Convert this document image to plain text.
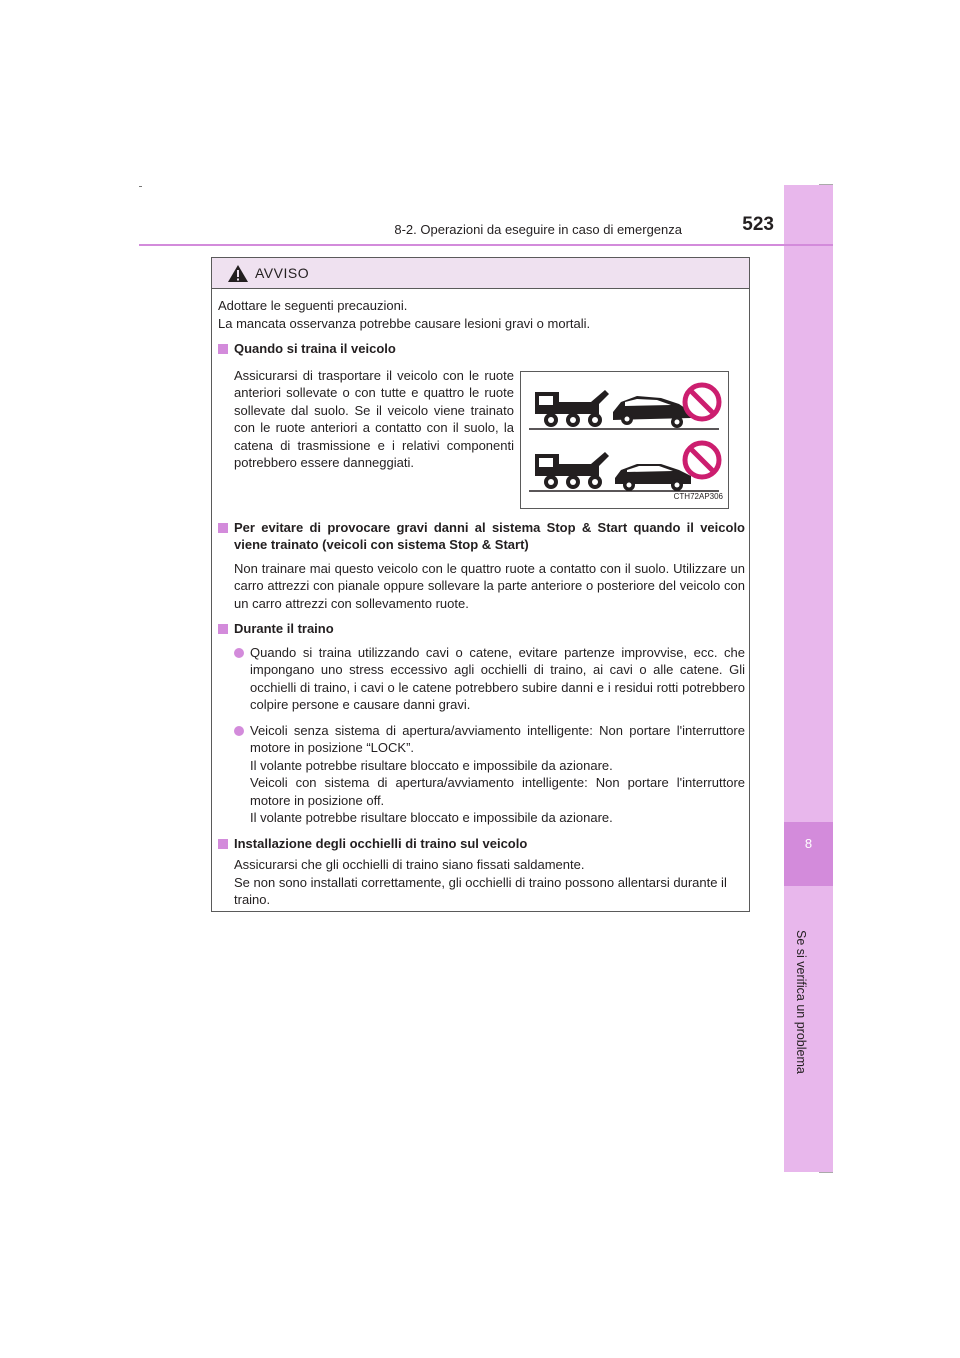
8
Se si verifica un problema
8-2. Operazioni da eseguire in caso di emergenza	523
AVVISO

Adottare le seguenti precauzioni.

La mancata osservanza potrebbe causare lesioni gravi o mortali.

Quando si traina il veicolo

Assicurarsi di trasportare il veicolo con le ruote anteriori sollevate o con tutte e quattro le ruote sollevate dal suolo. Se il veicolo viene trainato con le ruote anteriori a contatto con il suolo, la catena di trasmissione e i relativi componenti potrebbero essere danneggiati.

CTH72AP306

Per evitare di provocare gravi danni al sistema Stop & Start quando il veicolo viene trainato (veicoli con sistema Stop & Start)

Non trainare mai questo veicolo con le quattro ruote a contatto con il suolo. Utilizzare un carro attrezzi con pianale oppure sollevare la parte anteriore o posteriore del veicolo con un carro attrezzi con sollevamento ruote.

Durante il traino

Quando si traina utilizzando cavi o catene, evitare partenze improvvise, ecc. che impongano uno stress eccessivo agli occhielli di traino, ai cavi o alle catene. Gli occhielli di traino, i cavi o le catene potrebbero subire danni e i residui rotti potrebbero colpire persone e causare danni gravi.
Veicoli senza sistema di apertura/avviamento intelligente: Non portare l'interruttore motore in posizione “LOCK”.
Il volante potrebbe risultare bloccato e impossibile da azionare.
Veicoli con sistema di apertura/avviamento intelligente: Non portare l'interruttore motore in posizione off.
Il volante potrebbe risultare bloccato e impossibile da azionare.

Installazione degli occhielli di traino sul veicolo

Assicurarsi che gli occhielli di traino siano fissati saldamente.

Se non sono installati correttamente, gli occhielli di traino possono allentarsi durante il traino.
